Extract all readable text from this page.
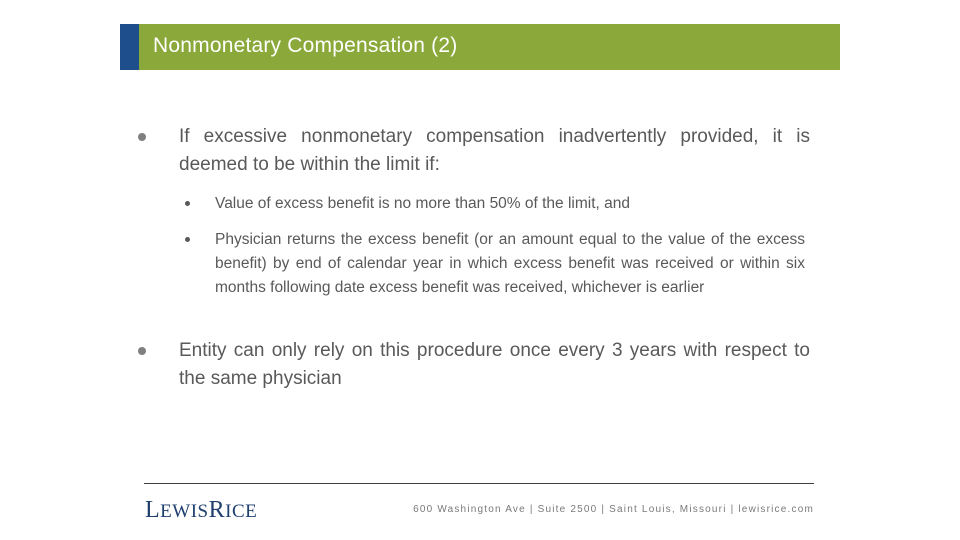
Nonmonetary Compensation (2)
If excessive nonmonetary compensation inadvertently provided, it is deemed to be within the limit if:
Value of excess benefit is no more than 50% of the limit, and
Physician returns the excess benefit (or an amount equal to the value of the excess benefit) by end of calendar year in which excess benefit was received or within six months following date excess benefit was received, whichever is earlier
Entity can only rely on this procedure once every 3 years with respect to the same physician
LEWISRICE	600 Washington Ave | Suite 2500 | Saint Louis, Missouri | lewisrice.com
